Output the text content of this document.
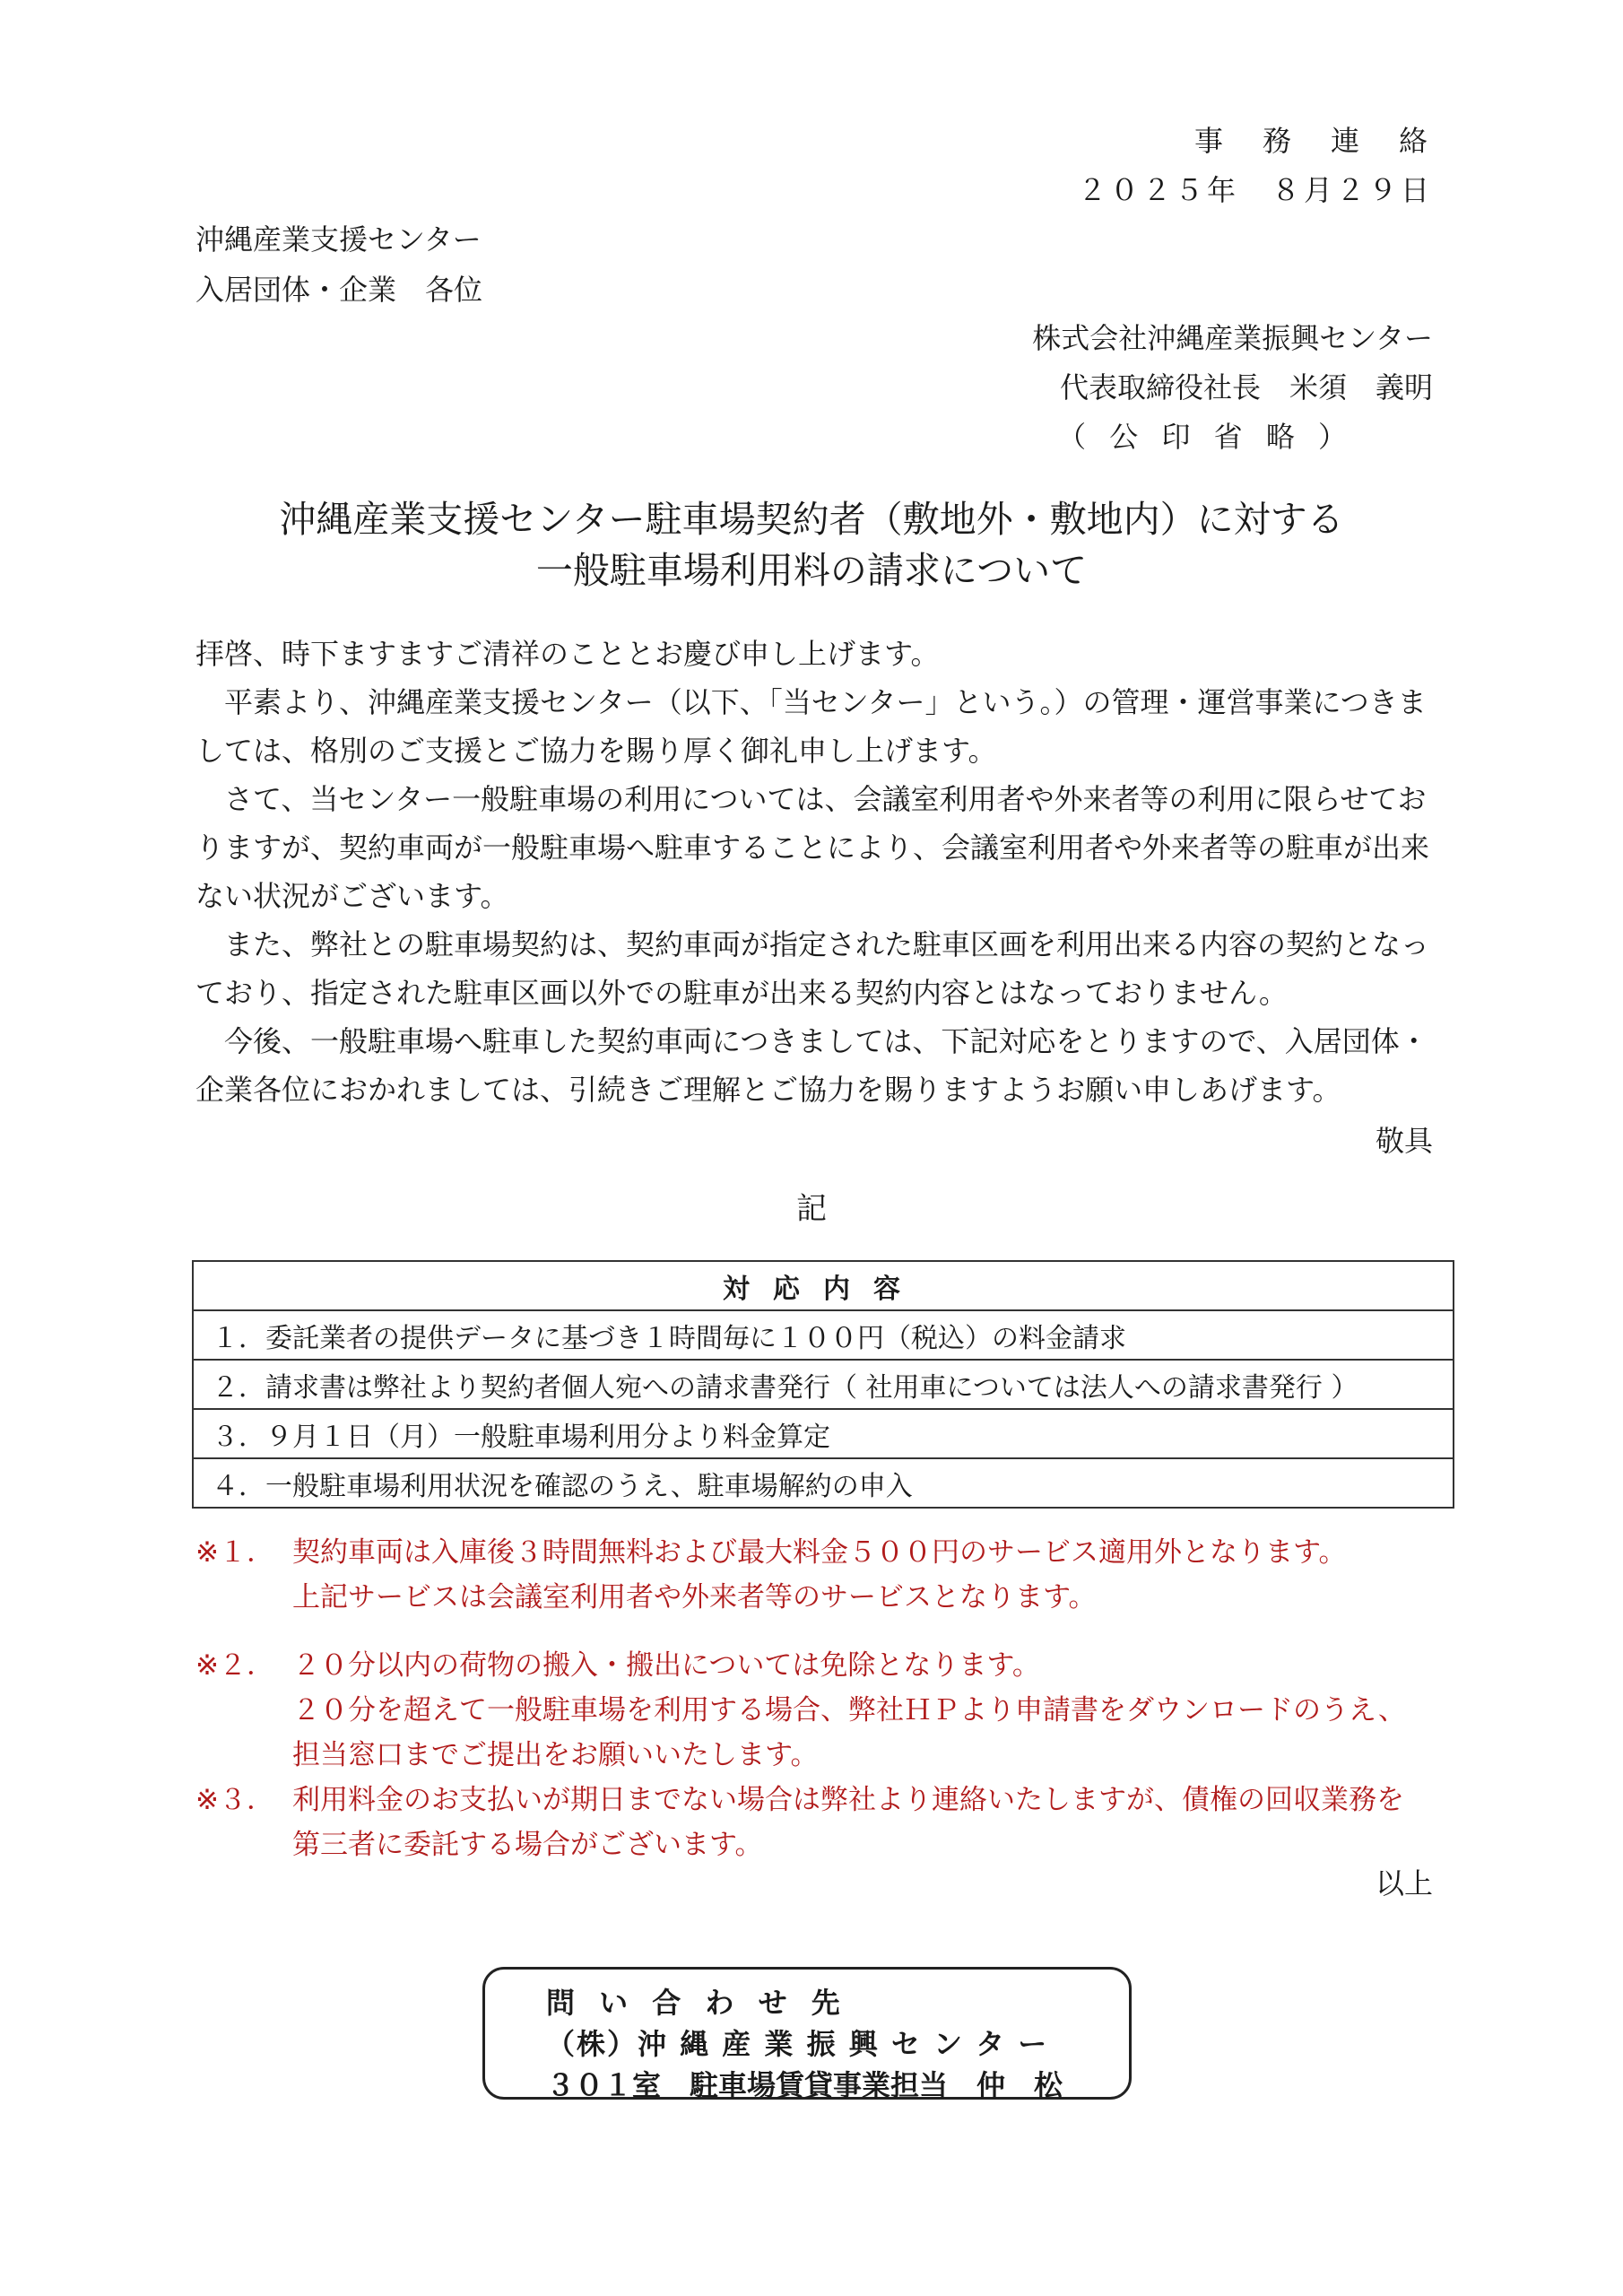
事　務　連　絡
２０２５年　８月２９日
沖縄産業支援センター
入居団体・企業　各位
株式会社沖縄産業振興センター
代表取締役社長　米須　義明
（ 公 印 省 略 ）
沖縄産業支援センター駐車場契約者（敷地外・敷地内）に対する
一般駐車場利用料の請求について

拝啓、時下ますますご清祥のこととお慶び申し上げます。

平素より、沖縄産業支援センター（以下、「当センター」という。）の管理・運営事業につきましては、格別のご支援とご協力を賜り厚く御礼申し上げます。

さて、当センター一般駐車場の利用については、会議室利用者や外来者等の利用に限らせておりますが、契約車両が一般駐車場へ駐車することにより、会議室利用者や外来者等の駐車が出来ない状況がございます。

また、弊社との駐車場契約は、契約車両が指定された駐車区画を利用出来る内容の契約となっており、指定された駐車区画以外での駐車が出来る契約内容とはなっておりません。

今後、一般駐車場へ駐車した契約車両につきましては、下記対応をとりますので、入居団体・企業各位におかれましては、引続きご理解とご協力を賜りますようお願い申しあげます。

敬具
記
対応内容
１．委託業者の提供データに基づき１時間毎に１００円（税込）の料金請求
２．請求書は弊社より契約者個人宛への請求書発行（ 社用車については法人への請求書発行 ）
３．９月１日（月）一般駐車場利用分より料金算定
４．一般駐車場利用状況を確認のうえ、駐車場解約の申入
※１． 契約車両は入庫後３時間無料および最大料金５００円のサービス適用外となります。
上記サービスは会議室利用者や外来者等のサービスとなります。
※２． ２０分以内の荷物の搬入・搬出については免除となります。
２０分を超えて一般駐車場を利用する場合、弊社ＨＰより申請書をダウンロードのうえ、
担当窓口までご提出をお願いいたします。
※３． 利用料金のお支払いが期日までない場合は弊社より連絡いたしますが、債権の回収業務を
第三者に委託する場合がございます。
以上
問 い 合 わ せ 先
（株）沖 縄 産 業 振 興 セ ン タ ー
３０１室　駐車場賃貸事業担当　仲　松
